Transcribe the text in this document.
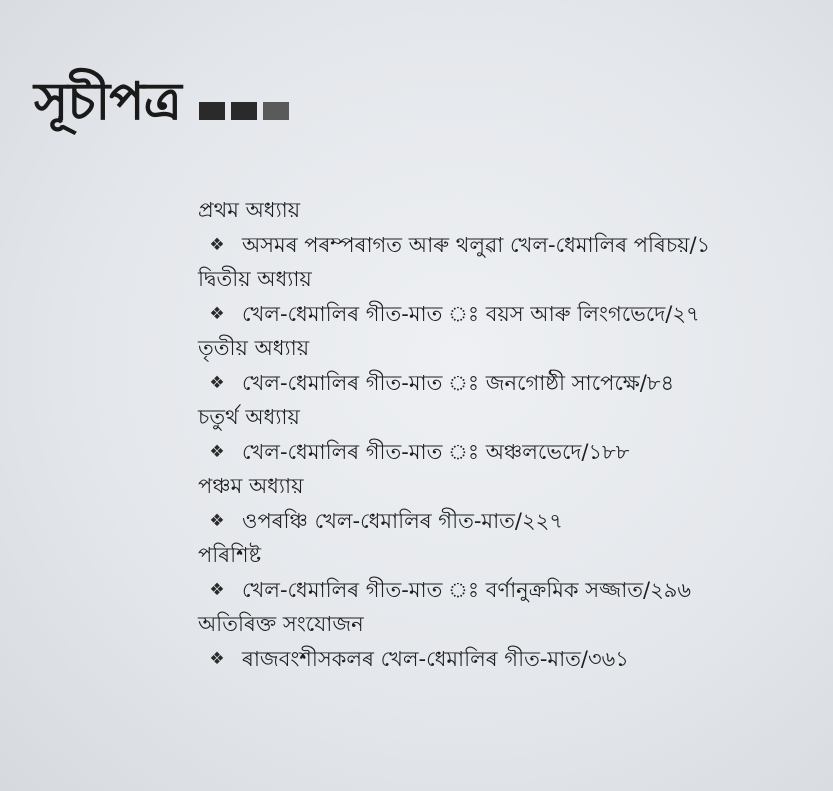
সূচীপত্ৰ
প্ৰথম অধ্যায়
❖ অসমৰ পৰম্পৰাগত আৰু থলুৱা খেল-ধেমালিৰ পৰিচয়/১
দ্বিতীয় অধ্যায়
❖ খেল-ধেমালিৰ গীত-মাত ঃ বয়স আৰু লিংগভেদে/২৭
তৃতীয় অধ্যায়
❖ খেল-ধেমালিৰ গীত-মাত ঃ জনগোষ্ঠী সাপেক্ষে/৮৪
চতুৰ্থ অধ্যায়
❖ খেল-ধেমালিৰ গীত-মাত ঃ অঞ্চলভেদে/১৮৮
পঞ্চম অধ্যায়
❖ ওপৰঞ্চি খেল-ধেমালিৰ গীত-মাত/২২৭
পৰিশিষ্ট
❖ খেল-ধেমালিৰ গীত-মাত ঃ বৰ্ণানুক্ৰমিক সজ্জাত/২৯৬
অতিৰিক্ত সংযোজন
❖ ৰাজবংশীসকলৰ খেল-ধেমালিৰ গীত-মাত/৩৬১
